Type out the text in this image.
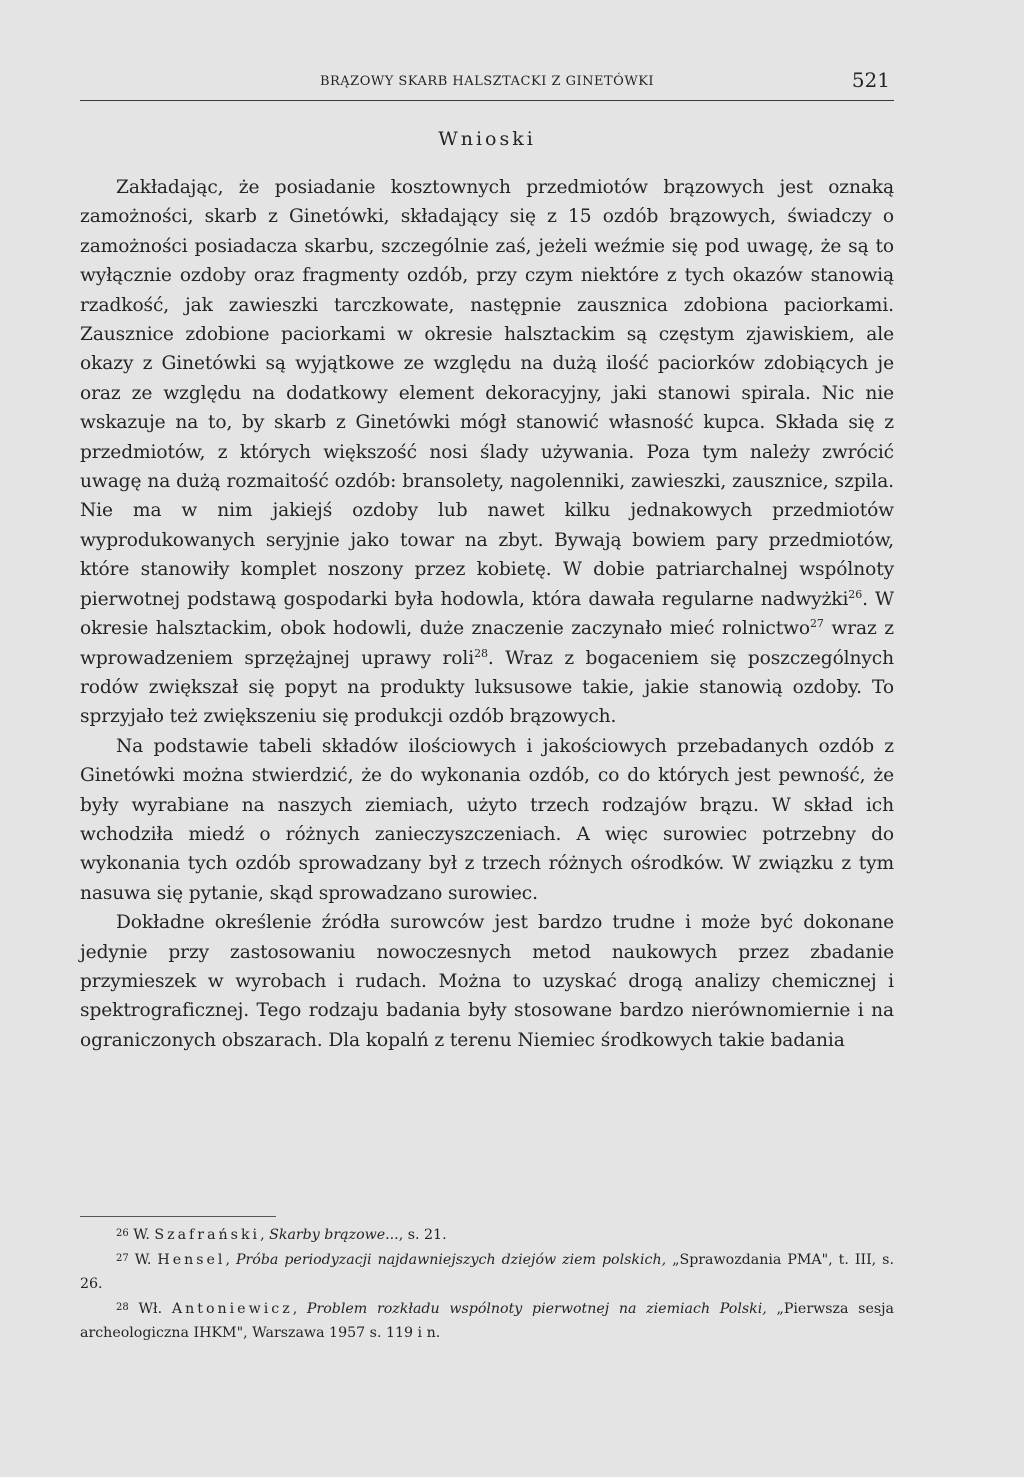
BRĄZOWY SKARB HALSZTACKI Z GINETÓWKI	521
Wnioski

Zakładając, że posiadanie kosztownych przedmiotów brązowych jest oznaką zamożności, skarb z Ginetówki, składający się z 15 ozdób brązowych, świadczy o zamożności posiadacza skarbu, szczególnie zaś, jeżeli weźmie się pod uwagę, że są to wyłącznie ozdoby oraz fragmenty ozdób, przy czym niektóre z tych okazów stanowią rzadkość, jak zawieszki tarczkowate, następnie zausznica zdobiona paciorkami. Zausznice zdobione paciorkami w okresie halsztackim są częstym zjawiskiem, ale okazy z Ginetówki są wyjątkowe ze względu na dużą ilość paciorków zdobiących je oraz ze względu na dodatkowy element dekoracyjny, jaki stanowi spirala. Nic nie wskazuje na to, by skarb z Ginetówki mógł stanowić własność kupca. Składa się z przedmiotów, z których większość nosi ślady używania. Poza tym należy zwrócić uwagę na dużą rozmaitość ozdób: bransolety, nagolenniki, zawieszki, zausznice, szpila. Nie ma w nim jakiejś ozdoby lub nawet kilku jednakowych przedmiotów wyprodukowanych seryjnie jako towar na zbyt. Bywają bowiem pary przedmiotów, które stanowiły komplet noszony przez kobietę. W dobie patriarchalnej wspólnoty pierwotnej podstawą gospodarki była hodowla, która dawała regularne nadwyżki$^{26}$. W okresie halsztackim, obok hodowli, duże znaczenie zaczynało mieć rolnictwo$^{27}$ wraz z wprowadzeniem sprzężajnej uprawy roli$^{28}$. Wraz z bogaceniem się poszczególnych rodów zwiększał się popyt na produkty luksusowe takie, jakie stanowią ozdoby. To sprzyjało też zwiększeniu się produkcji ozdób brązowych.

Na podstawie tabeli składów ilościowych i jakościowych przebadanych ozdób z Ginetówki można stwierdzić, że do wykonania ozdób, co do których jest pewność, że były wyrabiane na naszych ziemiach, użyto trzech rodzajów brązu. W skład ich wchodziła miedź o różnych zanieczyszczeniach. A więc surowiec potrzebny do wykonania tych ozdób sprowadzany był z trzech różnych ośrodków. W związku z tym nasuwa się pytanie, skąd sprowadzano surowiec.

Dokładne określenie źródła surowców jest bardzo trudne i może być dokonane jedynie przy zastosowaniu nowoczesnych metod naukowych przez zbadanie przymieszek w wyrobach i rudach. Można to uzyskać drogą analizy chemicznej i spektrograficznej. Tego rodzaju badania były stosowane bardzo nierównomiernie i na ograniczonych obszarach. Dla kopalń z terenu Niemiec środkowych takie badania

$^{26}$ W. Szafrański, Skarby brązowe..., s. 21.

$^{27}$ W. Hensel, Próba periodyzacji najdawniejszych dziejów ziem polskich, „Sprawozdania PMA", t. III, s. 26.

$^{28}$ Wł. Antoniewicz, Problem rozkładu wspólnoty pierwotnej na ziemiach Polski, „Pierwsza sesja archeologiczna IHKM", Warszawa 1957 s. 119 i n.
